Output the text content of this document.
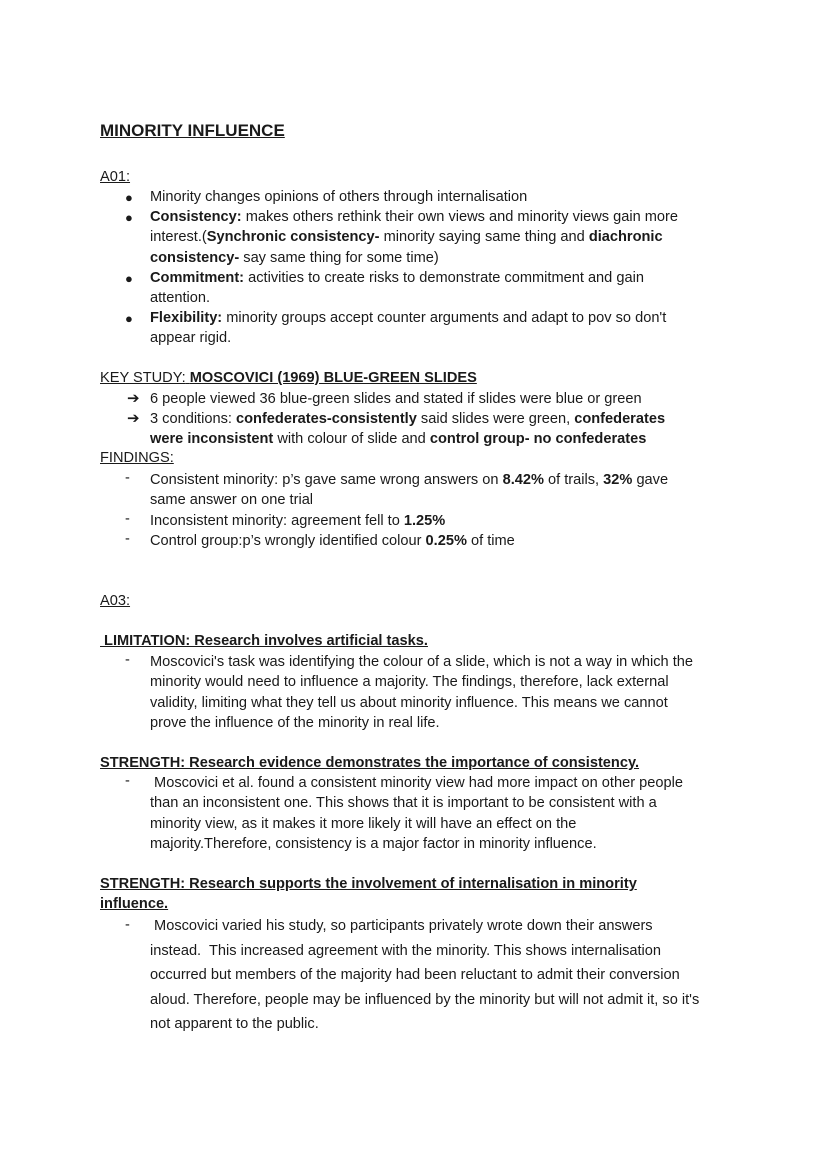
MINORITY INFLUENCE
A01:
● Minority changes opinions of others through internalisation
● Consistency: makes others rethink their own views and minority views gain more
interest.(Synchronic consistency- minority saying same thing and diachronic
consistency- say same thing for some time)
● Commitment: activities to create risks to demonstrate commitment and gain
attention.
● Flexibility: minority groups accept counter arguments and adapt to pov so don't
appear rigid.
KEY STUDY: MOSCOVICI (1969) BLUE-GREEN SLIDES
➔ 6 people viewed 36 blue-green slides and stated if slides were blue or green
➔ 3 conditions: confederates-consistently said slides were green, confederates
were inconsistent with colour of slide and control group- no confederates
FINDINGS:
- Consistent minority: p’s gave same wrong answers on 8.42% of trails, 32% gave
same answer on one trial
- Inconsistent minority: agreement fell to 1.25%
- Control group:p’s wrongly identified colour 0.25% of time
A03:
LIMITATION: Research involves artificial tasks.
- Moscovici's task was identifying the colour of a slide, which is not a way in which the
minority would need to influence a majority. The findings, therefore, lack external
validity, limiting what they tell us about minority influence. This means we cannot
prove the influence of the minority in real life.
STRENGTH: Research evidence demonstrates the importance of consistency.
- Moscovici et al. found a consistent minority view had more impact on other people
than an inconsistent one. This shows that it is important to be consistent with a
minority view, as it makes it more likely it will have an effect on the
majority.Therefore, consistency is a major factor in minority influence.
STRENGTH: Research supports the involvement of internalisation in minority
influence.
- Moscovici varied his study, so participants privately wrote down their answers
instead.  This increased agreement with the minority. This shows internalisation
occurred but members of the majority had been reluctant to admit their conversion
aloud. Therefore, people may be influenced by the minority but will not admit it, so it's
not apparent to the public.
